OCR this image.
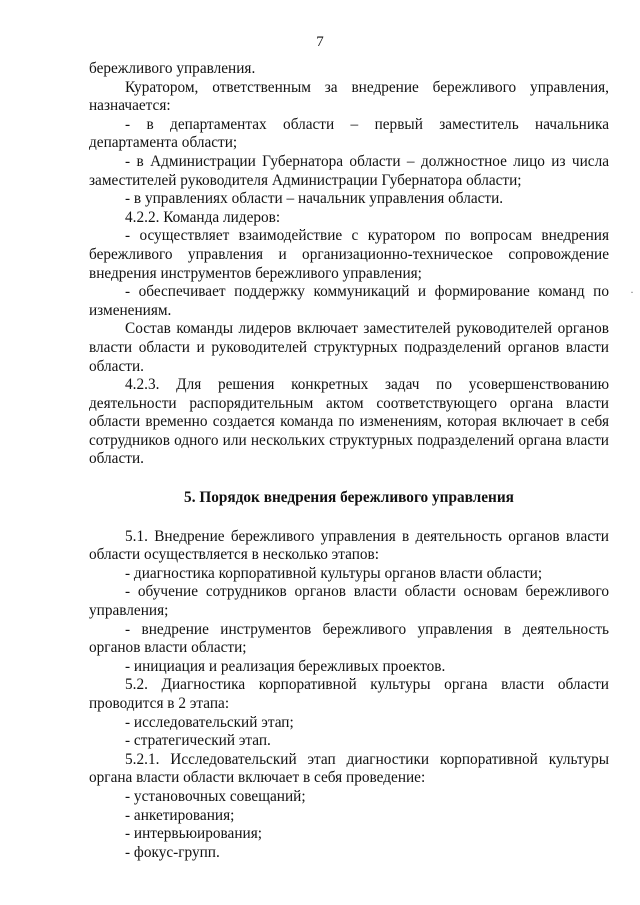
7
бережливого управления.
Куратором, ответственным за внедрение бережливого управления, назначается:
- в департаментах области – первый заместитель начальника департамента области;
- в Администрации Губернатора области – должностное лицо из числа заместителей руководителя Администрации Губернатора области;
- в управлениях области – начальник управления области.
4.2.2. Команда лидеров:
- осуществляет взаимодействие с куратором по вопросам внедрения бережливого управления и организационно-техническое сопровождение внедрения инструментов бережливого управления;
- обеспечивает поддержку коммуникаций и формирование команд по изменениям.
Состав команды лидеров включает заместителей руководителей органов власти области и руководителей структурных подразделений органов власти области.
4.2.3. Для решения конкретных задач по усовершенствованию деятельности распорядительным актом соответствующего органа власти области временно создается команда по изменениям, которая включает в себя сотрудников одного или нескольких структурных подразделений органа власти области.
5. Порядок внедрения бережливого управления
5.1. Внедрение бережливого управления в деятельность органов власти области осуществляется в несколько этапов:
- диагностика корпоративной культуры органов власти области;
- обучение сотрудников органов власти области основам бережливого управления;
- внедрение инструментов бережливого управления в деятельность органов власти области;
- инициация и реализация бережливых проектов.
5.2. Диагностика корпоративной культуры органа власти области проводится в 2 этапа:
- исследовательский этап;
- стратегический этап.
5.2.1. Исследовательский этап диагностики корпоративной культуры органа власти области включает в себя проведение:
- установочных совещаний;
- анкетирования;
- интервьюирования;
- фокус-групп.
·
